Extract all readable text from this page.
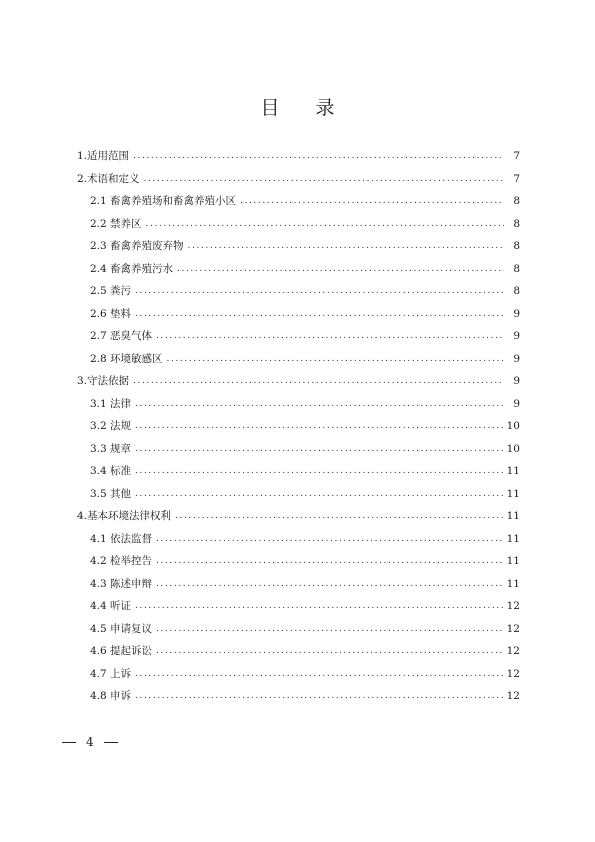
目 录
1.适用范围 .....	7
2.术语和定义 .....	7
2.1 畜禽养殖场和畜禽养殖小区 .....	8
2.2 禁养区 .....	8
2.3 畜禽养殖废弃物 .....	8
2.4 畜禽养殖污水 .....	8
2.5 粪污 .....	8
2.6 垫料 .....	9
2.7 恶臭气体 .....	9
2.8 环境敏感区 .....	9
3.守法依据 .....	9
3.1 法律 .....	9
3.2 法规 .....	10
3.3 规章 .....	10
3.4 标准 .....	11
3.5 其他 .....	11
4.基本环境法律权利 .....	11
4.1 依法监督 .....	11
4.2 检举控告 .....	11
4.3 陈述申辩 .....	11
4.4 听证 .....	12
4.5 申请复议 .....	12
4.6 提起诉讼 .....	12
4.7 上诉 .....	12
4.8 申诉 .....	12
4
